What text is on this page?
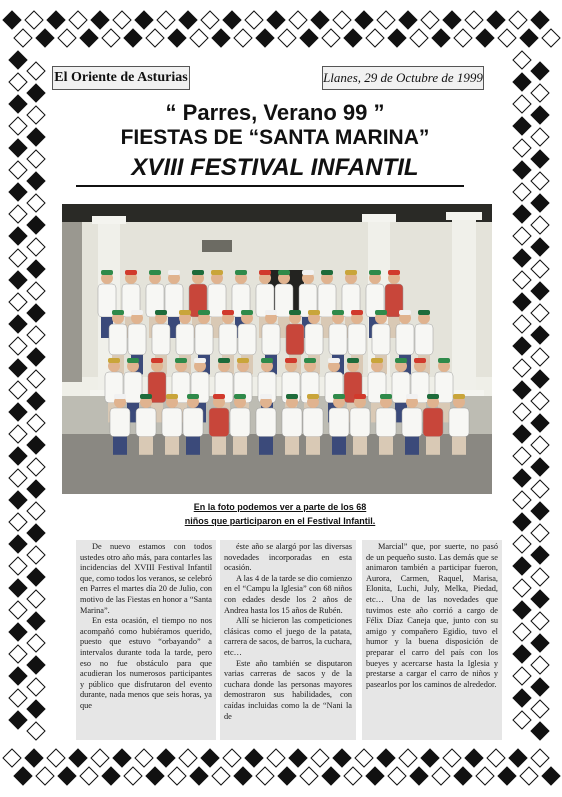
El Oriente de Asturias	Llanes, 29 de Octubre de 1999
“ Parres, Verano 99 ”
FIESTAS DE “SANTA MARINA”
XVIII FESTIVAL INFANTIL
En la foto podemos ver a parte de los 68
niños que participaron en el Festival Infantil.

De nuevo estamos con todos ustedes otro año más, para contarles las incidencias del XVIII Festival Infantil que, como todos los veranos, se celebró en Parres el martes día 20 de Julio, con motivo de las Fiestas en honor a “Santa Marina”.

En esta ocasión, el tiempo no nos acompañó como hubiéramos querido, puesto que estuvo “orbayando” a intervalos durante toda la tarde, pero eso no fue obstáculo para que acudieran los numerosos participantes y público que disfrutaron del evento durante, nada menos que seis horas, ya que

éste año se alargó por las diversas novedades incorporadas en esta ocasión.

A las 4 de la tarde se dio comienzo en el “Campu la Iglesia” con 68 niños con edades desde los 2 años de Andrea hasta los 15 años de Rubén.

Allí se hicieron las competiciones clásicas como el juego de la patata, carrera de sacos, de barros, la cuchara, etc…

Este año también se disputaron varias carreras de sacos y de la cuchara donde las personas mayores demostraron sus habilidades, con caídas incluidas como la de “Nani la de

Marcial” que, por suerte, no pasó de un pequeño susto. Las demás que se animaron también a participar fueron, Aurora, Carmen, Raquel, Marisa, Elonita, Luchi, July, Melka, Piedad, etc… Una de las novedades que tuvimos este año corrió a cargo de Félix Díaz Caneja que, junto con su amigo y compañero Egidio, tuvo el humor y la buena disposición de preparar el carro del país con los bueyes y acercarse hasta la Iglesia y prestarse a cargar el carro de niños y pasearlos por los caminos de alrededor.
